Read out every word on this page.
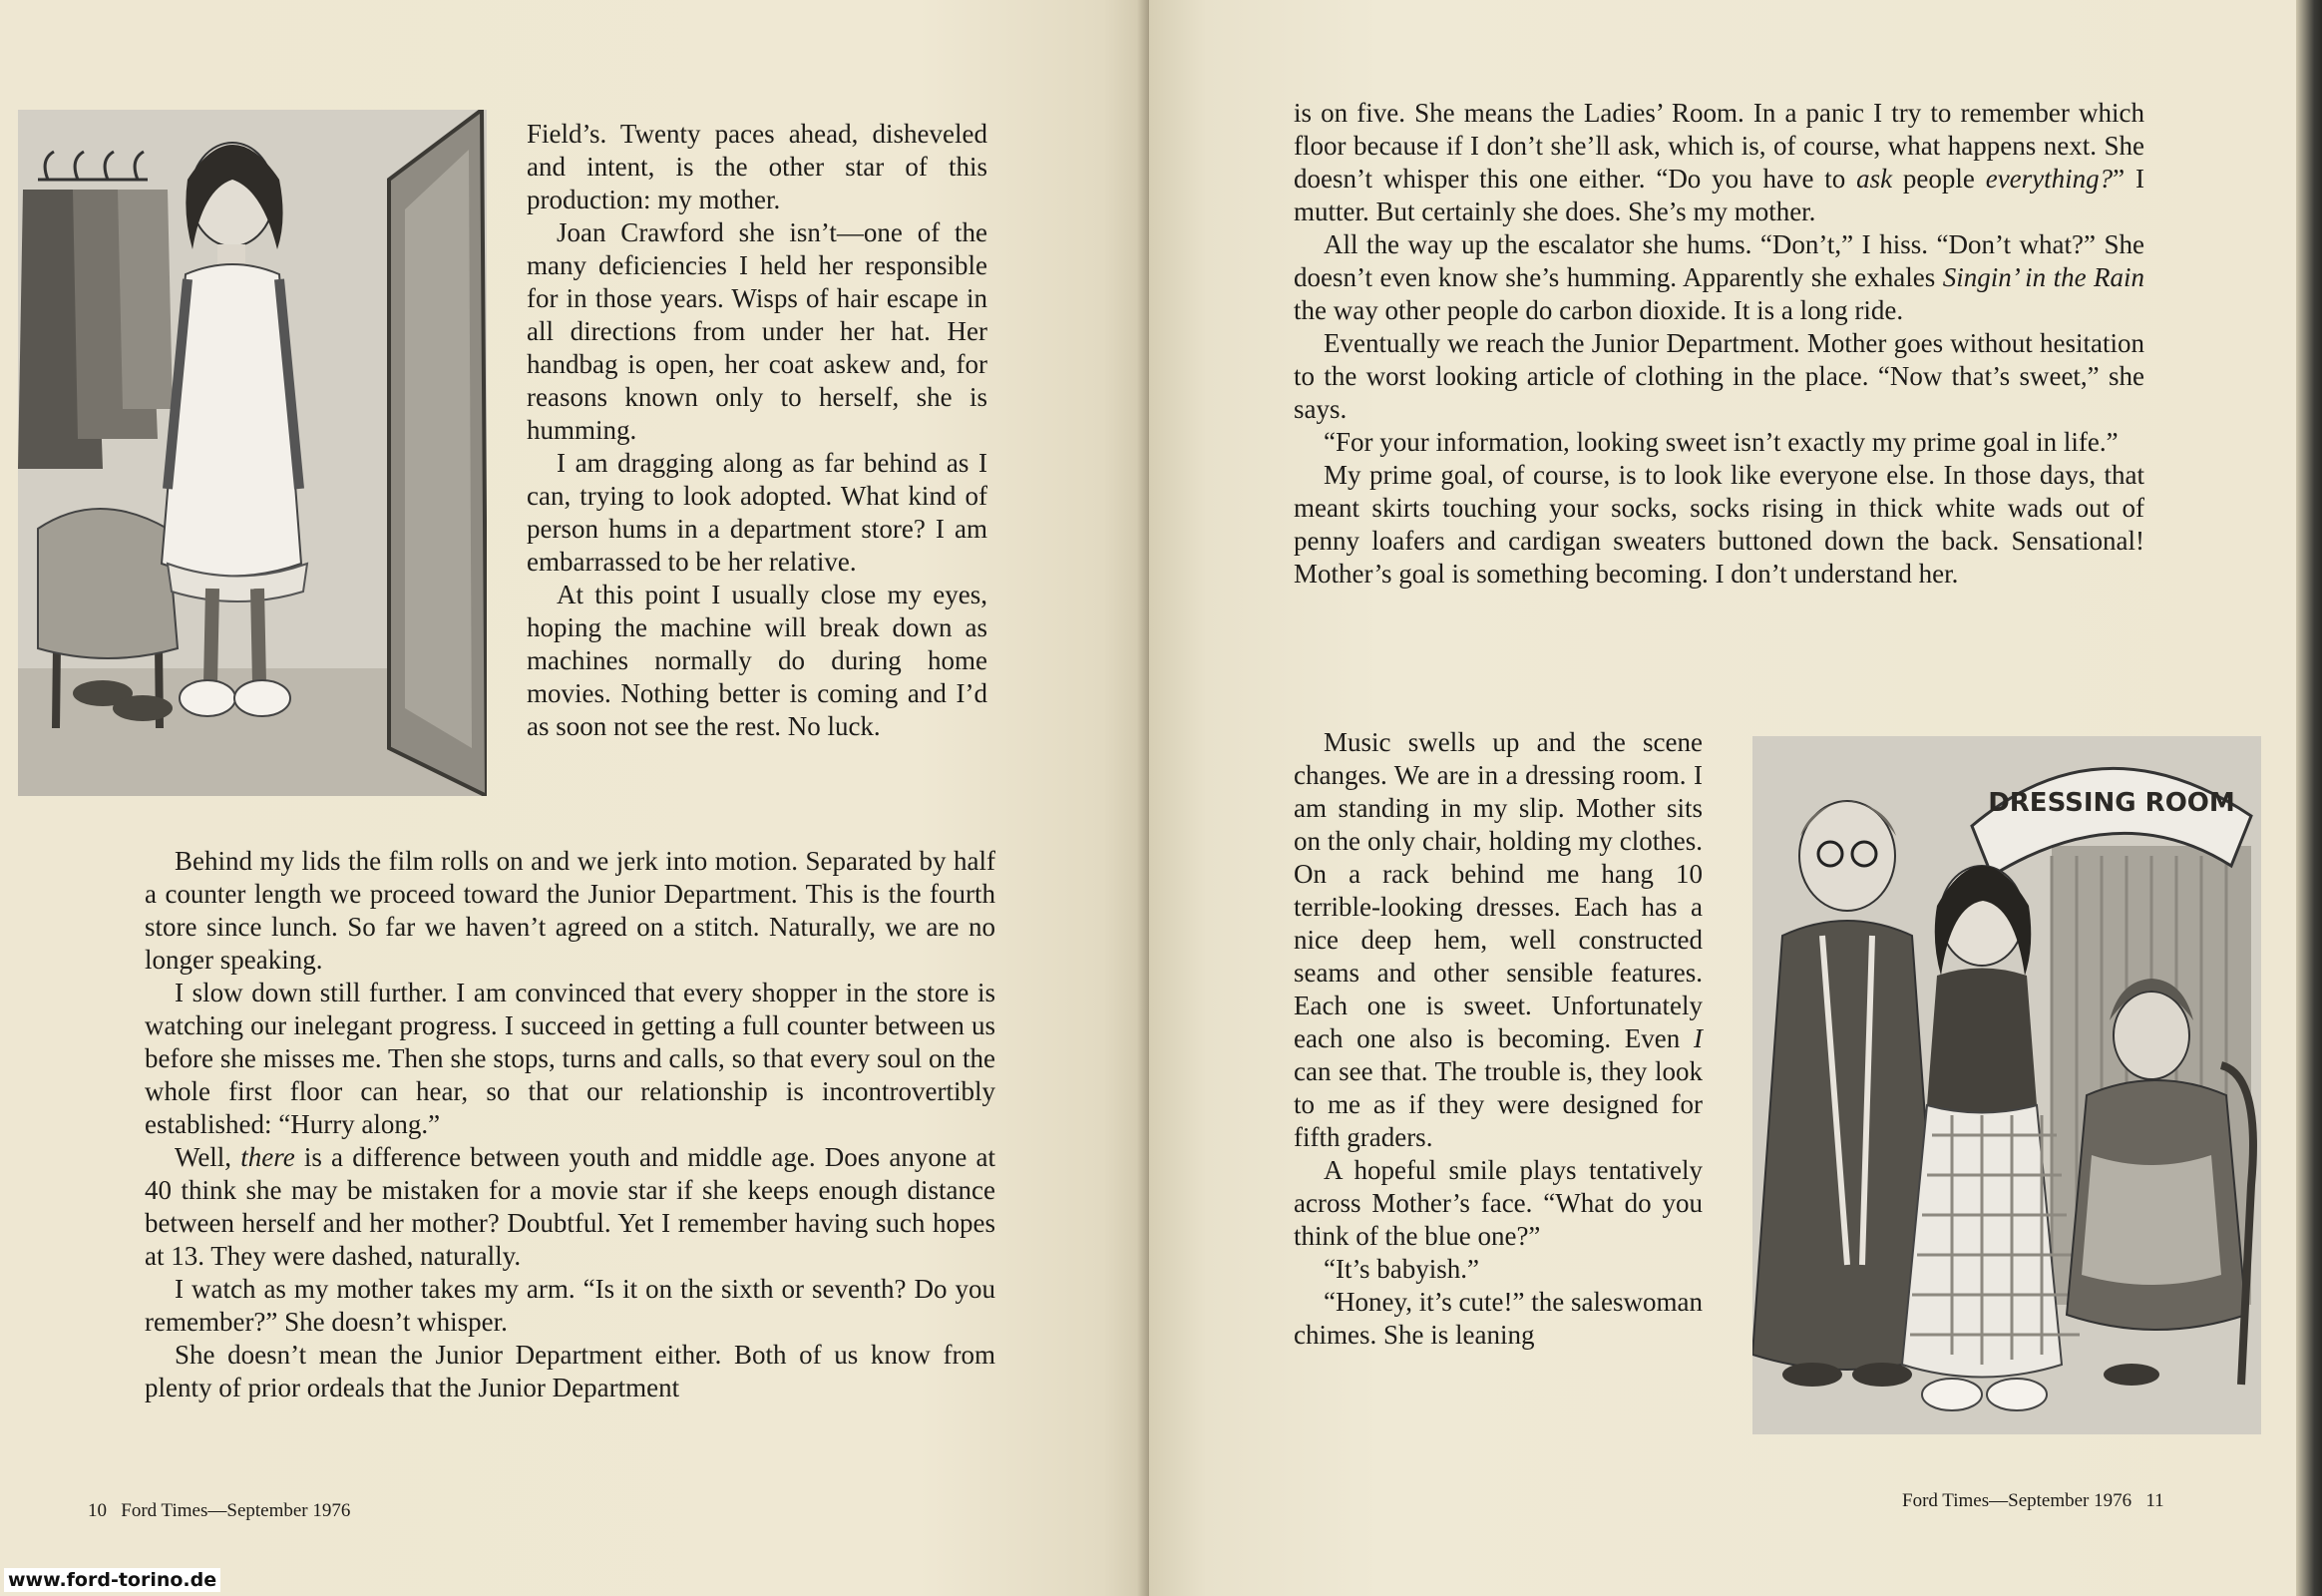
Field’s. Twenty paces ahead, disheveled and intent, is the other star of this production: my mother.

Joan Crawford she isn’t—one of the many deficiencies I held her responsible for in those years. Wisps of hair escape in all directions from under her hat. Her handbag is open, her coat askew and, for reasons known only to herself, she is humming.

I am dragging along as far behind as I can, trying to look adopted. What kind of person hums in a department store? I am embarrassed to be her relative.

At this point I usually close my eyes, hoping the machine will break down as machines normally do during home movies. Nothing better is coming and I’d as soon not see the rest. No luck.

Behind my lids the film rolls on and we jerk into motion. Separated by half a counter length we proceed toward the Junior Department. This is the fourth store since lunch. So far we haven’t agreed on a stitch. Naturally, we are no longer speaking.

I slow down still further. I am convinced that every shopper in the store is watching our inelegant progress. I succeed in getting a full counter between us before she misses me. Then she stops, turns and calls, so that every soul on the whole first floor can hear, so that our relationship is incontrovertibly established: “Hurry along.”

Well, there is a difference between youth and middle age. Does anyone at 40 think she may be mistaken for a movie star if she keeps enough distance between herself and her mother? Doubtful. Yet I remember having such hopes at 13. They were dashed, naturally.

I watch as my mother takes my arm. “Is it on the sixth or seventh? Do you remember?” She doesn’t whisper.

She doesn’t mean the Junior Department either. Both of us know from plenty of prior ordeals that the Junior Department

10   Ford Times—September 1976

is on five. She means the Ladies’ Room. In a panic I try to remember which floor because if I don’t she’ll ask, which is, of course, what happens next. She doesn’t whisper this one either. “Do you have to ask people everything?” I mutter. But certainly she does. She’s my mother.

All the way up the escalator she hums. “Don’t,” I hiss. “Don’t what?” She doesn’t even know she’s humming. Apparently she exhales Singin’ in the Rain the way other people do carbon dioxide. It is a long ride.

Eventually we reach the Junior Department. Mother goes without hesitation to the worst looking article of clothing in the place. “Now that’s sweet,” she says.

“For your information, looking sweet isn’t exactly my prime goal in life.”

My prime goal, of course, is to look like everyone else. In those days, that meant skirts touching your socks, socks rising in thick white wads out of penny loafers and cardigan sweaters buttoned down the back. Sensational! Mother’s goal is something becoming. I don’t understand her.

Music swells up and the scene changes. We are in a dressing room. I am standing in my slip. Mother sits on the only chair, holding my clothes. On a rack behind me hang 10 terrible-looking dresses. Each has a nice deep hem, well constructed seams and other sensible features. Each one is sweet. Unfortunately each one also is becoming. Even I can see that. The trouble is, they look to me as if they were designed for fifth graders.

A hopeful smile plays tentatively across Mother’s face. “What do you think of the blue one?”

“It’s babyish.”

“Honey, it’s cute!” the saleswoman chimes. She is leaning

DRESSING ROOM
Ford Times—September 1976   11
www.ford-torino.de
